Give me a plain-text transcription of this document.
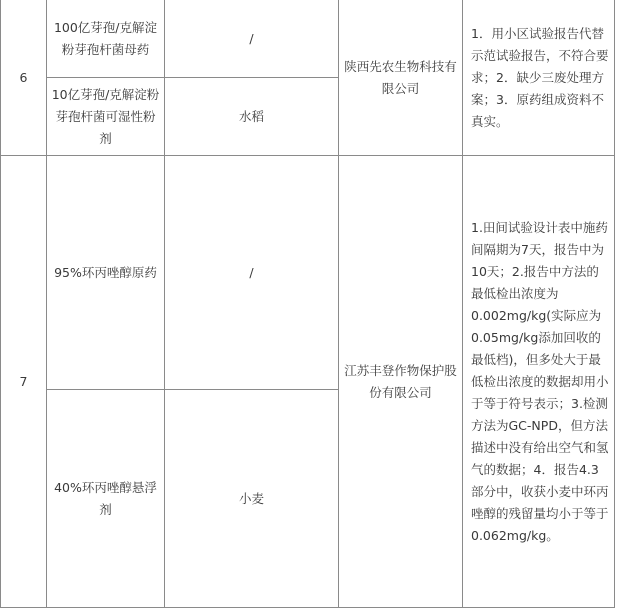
6	100亿芽孢/克解淀粉芽孢杆菌母药	/	陕西先农生物科技有限公司	1．用小区试验报告代替示范试验报告，不符合要求；2．缺少三废处理方案；3．原药组成资料不真实。
	10亿芽孢/克解淀粉芽孢杆菌可湿性粉剂	水稻		
7	95%环丙唑醇原药	/	江苏丰登作物保护股份有限公司	1.田间试验设计表中施药间隔期为7天，报告中为10天；2.报告中方法的最低检出浓度为0.002mg/kg(实际应为0.05mg/kg添加回收的最低档)，但多处大于最低检出浓度的数据却用小于等于符号表示；3.检测方法为GC-NPD，但方法描述中没有给出空气和氢气的数据；4．报告4.3部分中，收获小麦中环丙唑醇的残留量均小于等于0.062mg/kg。
	40%环丙唑醇悬浮剂	小麦		
